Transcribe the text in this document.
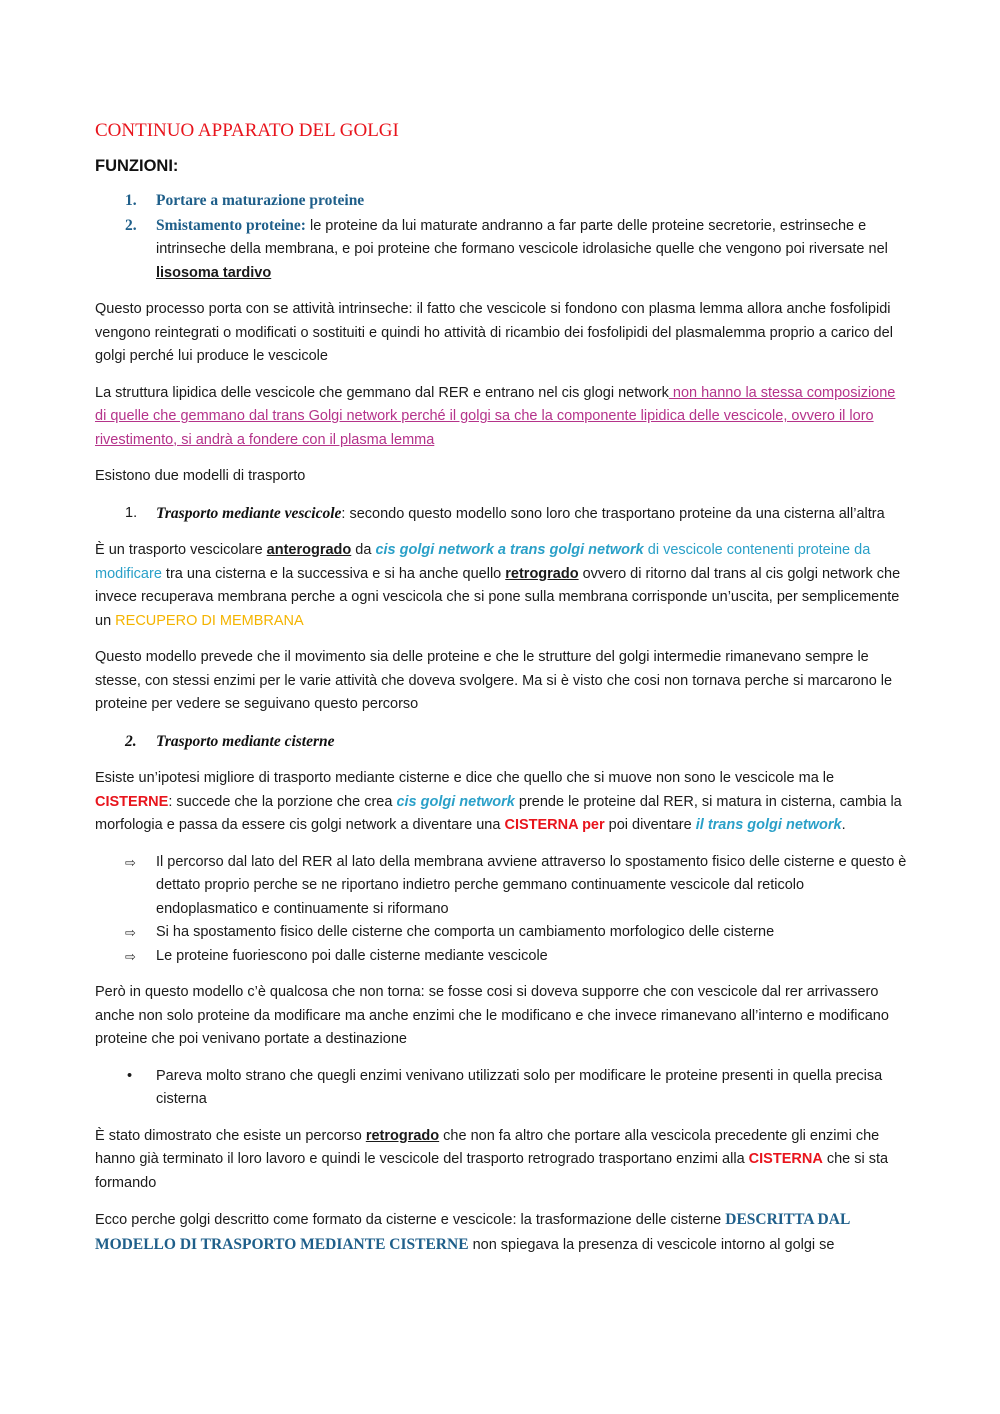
CONTINUO APPARATO DEL GOLGI
FUNZIONI:
1. Portare a maturazione proteine
2. Smistamento proteine: le proteine da lui maturate andranno a far parte delle proteine secretorie, estrinseche e intrinseche della membrana, e poi proteine che formano vescicole idrolasiche quelle che vengono poi riversate nel lisosoma tardivo

Questo processo porta con se attività intrinseche: il fatto che vescicole si fondono con plasma lemma allora anche fosfolipidi vengono reintegrati o modificati o sostituiti e quindi ho attività di ricambio dei fosfolipidi del plasmalemma proprio a carico del golgi perché lui produce le vescicole

La struttura lipidica delle vescicole che gemmano dal RER e entrano nel cis glogi network non hanno la stessa composizione di quelle che gemmano dal trans Golgi network perché il golgi sa che la componente lipidica delle vescicole, ovvero il loro rivestimento, si andrà a fondere con il plasma lemma

Esistono due modelli di trasporto

1. Trasporto mediante vescicole: secondo questo modello sono loro che trasportano proteine da una cisterna all’altra

È un trasporto vescicolare anterogrado da cis golgi network a trans golgi network di vescicole contenenti proteine da modificare tra una cisterna e la successiva e si ha anche quello retrogrado ovvero di ritorno dal trans al cis golgi network che invece recuperava membrana perche a ogni vescicola che si pone sulla membrana corrisponde un’uscita, per semplicemente un RECUPERO DI MEMBRANA

Questo modello prevede che il movimento sia delle proteine e che le strutture del golgi intermedie rimanevano sempre le stesse, con stessi enzimi per le varie attività che doveva svolgere. Ma si è visto che cosi non tornava perche si marcarono le proteine per vedere se seguivano questo percorso

2. Trasporto mediante cisterne

Esiste un’ipotesi migliore di trasporto mediante cisterne e dice che quello che si muove non sono le vescicole ma le CISTERNE: succede che la porzione che crea cis golgi network prende le proteine dal RER, si matura in cisterna, cambia la morfologia e passa da essere cis golgi network a diventare una CISTERNA per poi diventare il trans golgi network.

⇨ Il percorso dal lato del RER al lato della membrana avviene attraverso lo spostamento fisico delle cisterne e questo è dettato proprio perche se ne riportano indietro perche gemmano continuamente vescicole dal reticolo endoplasmatico e continuamente si riformano
⇨ Si ha spostamento fisico delle cisterne che comporta un cambiamento morfologico delle cisterne
⇨ Le proteine fuoriescono poi dalle cisterne mediante vescicole

Però in questo modello c’è qualcosa che non torna: se fosse cosi si doveva supporre che con vescicole dal rer arrivassero anche non solo proteine da modificare ma anche enzimi che le modificano e che invece rimanevano all’interno e modificano proteine che poi venivano portate a destinazione

• Pareva molto strano che quegli enzimi venivano utilizzati solo per modificare le proteine presenti in quella precisa cisterna

È stato dimostrato che esiste un percorso retrogrado che non fa altro che portare alla vescicola precedente gli enzimi che hanno già terminato il loro lavoro e quindi le vescicole del trasporto retrogrado trasportano enzimi alla CISTERNA che si sta formando

Ecco perche golgi descritto come formato da cisterne e vescicole: la trasformazione delle cisterne DESCRITTA DAL MODELLO DI TRASPORTO MEDIANTE CISTERNE non spiegava la presenza di vescicole intorno al golgi se
